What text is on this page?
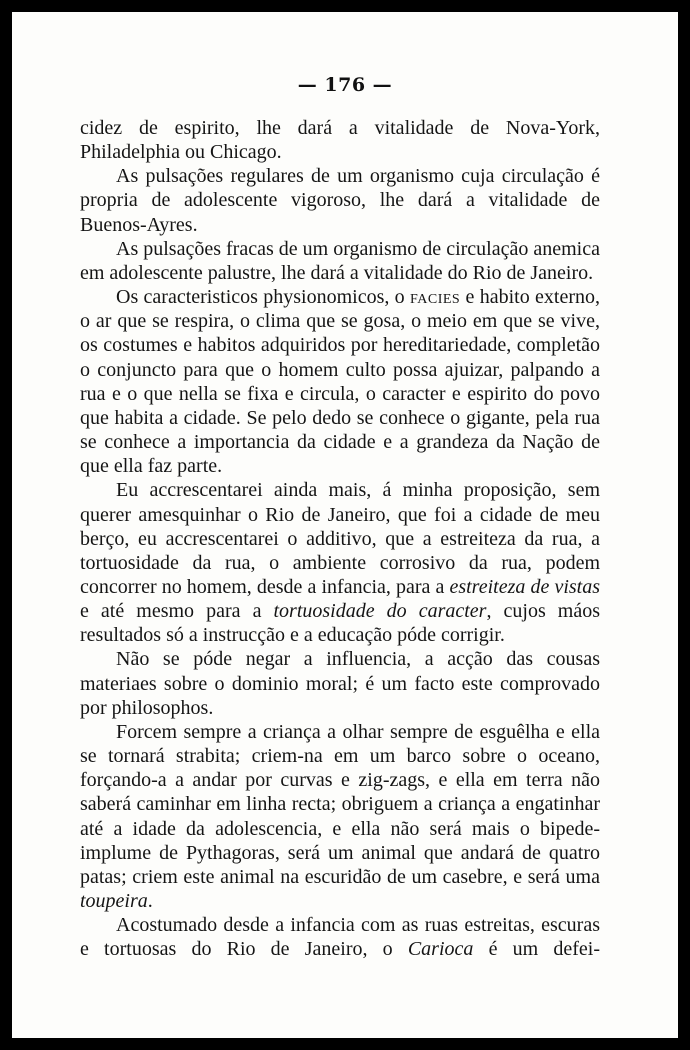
— 176 —

cidez de espirito, lhe dará a vitalidade de Nova-York, Philadelphia ou Chicago.

As pulsações regulares de um organismo cuja circulação é propria de adolescente vigoroso, lhe dará a vitalidade de Buenos-Ayres.

As pulsações fracas de um organismo de circulação anemica em adolescente palustre, lhe dará a vitalidade do Rio de Janeiro.

Os caracteristicos physionomicos, o facies e habito externo, o ar que se respira, o clima que se gosa, o meio em que se vive, os costumes e habitos adquiridos por hereditariedade, completão o conjuncto para que o homem culto possa ajuizar, palpando a rua e o que nella se fixa e circula, o caracter e espirito do povo que habita a cidade. Se pelo dedo se conhece o gigante, pela rua se conhece a importancia da cidade e a grandeza da Nação de que ella faz parte.

Eu accrescentarei ainda mais, á minha proposição, sem querer amesquinhar o Rio de Janeiro, que foi a cidade de meu berço, eu accrescentarei o additivo, que a estreiteza da rua, a tortuosidade da rua, o ambiente corrosivo da rua, podem concorrer no homem, desde a infancia, para a estreiteza de vistas e até mesmo para a tortuosidade do caracter, cujos máos resultados só a instrucção e a educação póde corrigir.

Não se póde negar a influencia, a acção das cousas materiaes sobre o dominio moral; é um facto este comprovado por philosophos.

Forcem sempre a criança a olhar sempre de esguêlha e ella se tornará strabita; criem-na em um barco sobre o oceano, forçando-a a andar por curvas e zig-zags, e ella em terra não saberá caminhar em linha recta; obriguem a criança a engatinhar até a idade da adolescencia, e ella não será mais o bipede-implume de Pythagoras, será um animal que andará de quatro patas; criem este animal na escuridão de um casebre, e será uma toupeira.

Acostumado desde a infancia com as ruas estreitas, escuras e tortuosas do Rio de Janeiro, o Carioca é um defei-
